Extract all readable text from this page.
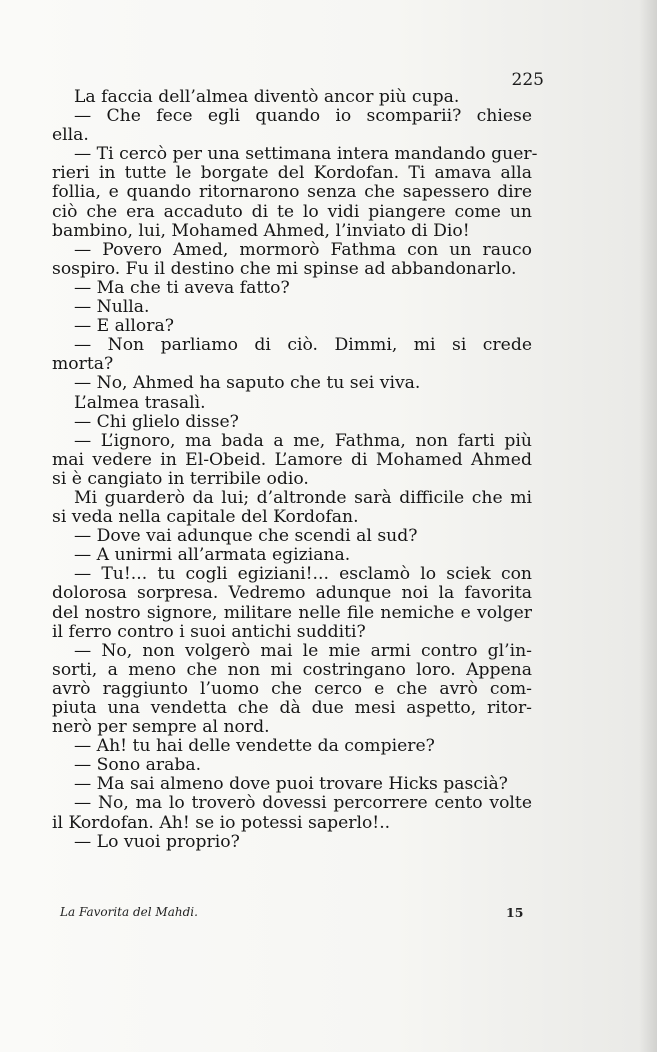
225
La faccia dell’almea diventò ancor più cupa.
— Che fece egli quando io scomparii? chiese
ella.
— Ti cercò per una settimana intera mandando guer-
rieri in tutte le borgate del Kordofan. Ti amava alla
follia, e quando ritornarono senza che sapessero dire
ciò che era accaduto di te lo vidi piangere come un
bambino, lui, Mohamed Ahmed, l’inviato di Dio!
— Povero Amed, mormorò Fathma con un rauco
sospiro. Fu il destino che mi spinse ad abbandonarlo.
— Ma che ti aveva fatto?
— Nulla.
— E allora?
— Non parliamo di ciò. Dimmi, mi si crede
morta?
— No, Ahmed ha saputo che tu sei viva.
L’almea trasalì.
— Chi glielo disse?
— L’ignoro, ma bada a me, Fathma, non farti più
mai vedere in El-Obeid. L’amore di Mohamed Ahmed
si è cangiato in terribile odio.
Mi guarderò da lui; d’altronde sarà difficile che mi
si veda nella capitale del Kordofan.
— Dove vai adunque che scendi al sud?
— A unirmi all’armata egiziana.
— Tu!... tu cogli egiziani!... esclamò lo sciek con
dolorosa sorpresa. Vedremo adunque noi la favorita
del nostro signore, militare nelle file nemiche e volger
il ferro contro i suoi antichi sudditi?
— No, non volgerò mai le mie armi contro gl’in-
sorti, a meno che non mi costringano loro. Appena
avrò raggiunto l’uomo che cerco e che avrò com-
piuta una vendetta che dà due mesi aspetto, ritor-
nerò per sempre al nord.
— Ah! tu hai delle vendette da compiere?
— Sono araba.
— Ma sai almeno dove puoi trovare Hicks pascià?
— No, ma lo troverò dovessi percorrere cento volte
il Kordofan. Ah! se io potessi saperlo!..
— Lo vuoi proprio?
La Favorita del Mahdi.	15
